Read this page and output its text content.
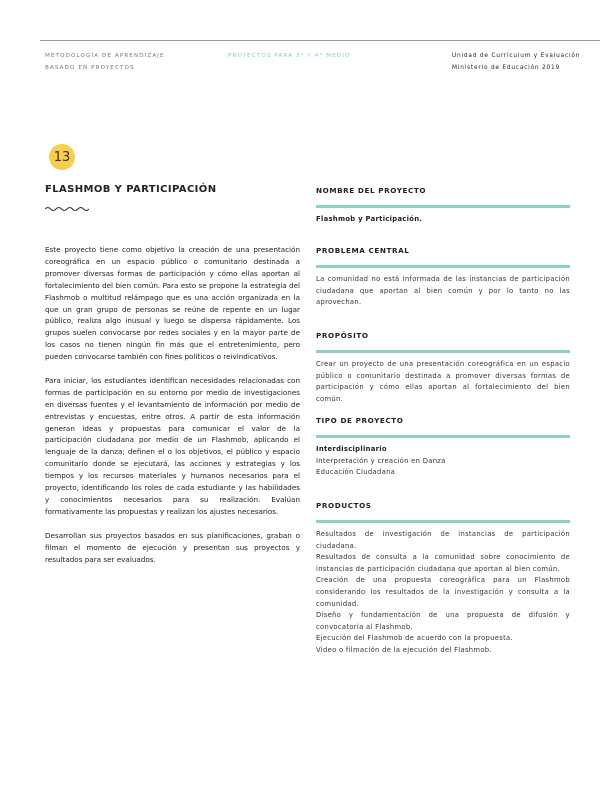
METODOLOGÍA DE APRENDIZAJE
BASADO EN PROYECTOS
PROYECTOS PARA 3° Y 4° MEDIO	Unidad de Currículum y Evaluación
Ministerio de Educación 2019
13
FLASHMOB Y PARTICIPACIÓN

Este proyecto tiene como objetivo la creación de una presentación coreográfica en un espacio público o comunitario destinada a promover diversas formas de participación y cómo ellas aportan al fortalecimiento del bien común. Para esto se propone la estrategia del Flashmob o multitud relámpago que es una acción organizada en la que un gran grupo de personas se reúne de repente en un lugar público, realiza algo inusual y luego se dispersa rápidamente. Los grupos suelen convocarse por redes sociales y en la mayor parte de los casos no tienen ningún fin más que el entretenimiento, pero pueden convocarse también con fines políticos o reivindicativos.

Para iniciar, los estudiantes identifican necesidades relacionadas con formas de participación en su entorno por medio de investigaciones en diversas fuentes y el levantamiento de información por medio de entrevistas y encuestas, entre otros. A partir de esta información generan ideas y propuestas para comunicar el valor de la participación ciudadana por medio de un Flashmob, aplicando el lenguaje de la danza; definen el o los objetivos, el público y espacio comunitario donde se ejecutará, las acciones y estrategias y los tiempos y los recursos materiales y humanos necesarios para el proyecto, identificando los roles de cada estudiante y las habilidades y conocimientos necesarios para su realización. Evalúan formativamente las propuestas y realizan los ajustes necesarios.

Desarrollan sus proyectos basados en sus planificaciones, graban o filman el momento de ejecución y presentan sus proyectos y resultados para ser evaluados.

NOMBRE DEL PROYECTO
Flashmob y Participación.
PROBLEMA CENTRAL
La comunidad no está informada de las instancias de participación ciudadana que aportan al bien común y por lo tanto no las aprovechan.
PROPÓSITO
Crear un proyecto de una presentación coreográfica en un espacio público o comunitario destinada a promover diversas formas de participación y cómo ellas aportan al fortalecimiento del bien común.
TIPO DE PROYECTO
Interdisciplinario
Interpretación y creación en Danza
Educación Ciudadana
PRODUCTOS
Resultados de investigación de instancias de participación ciudadana.
Resultados de consulta a la comunidad sobre conocimiento de instancias de participación ciudadana que aportan al bien común.
Creación de una propuesta coreográfica para un Flashmob considerando los resultados de la investigación y consulta a la comunidad.
Diseño y fundamentación de una propuesta de difusión y convocatoria al Flashmob.
Ejecución del Flashmob de acuerdo con la propuesta.
Video o filmación de la ejecución del Flashmob.
